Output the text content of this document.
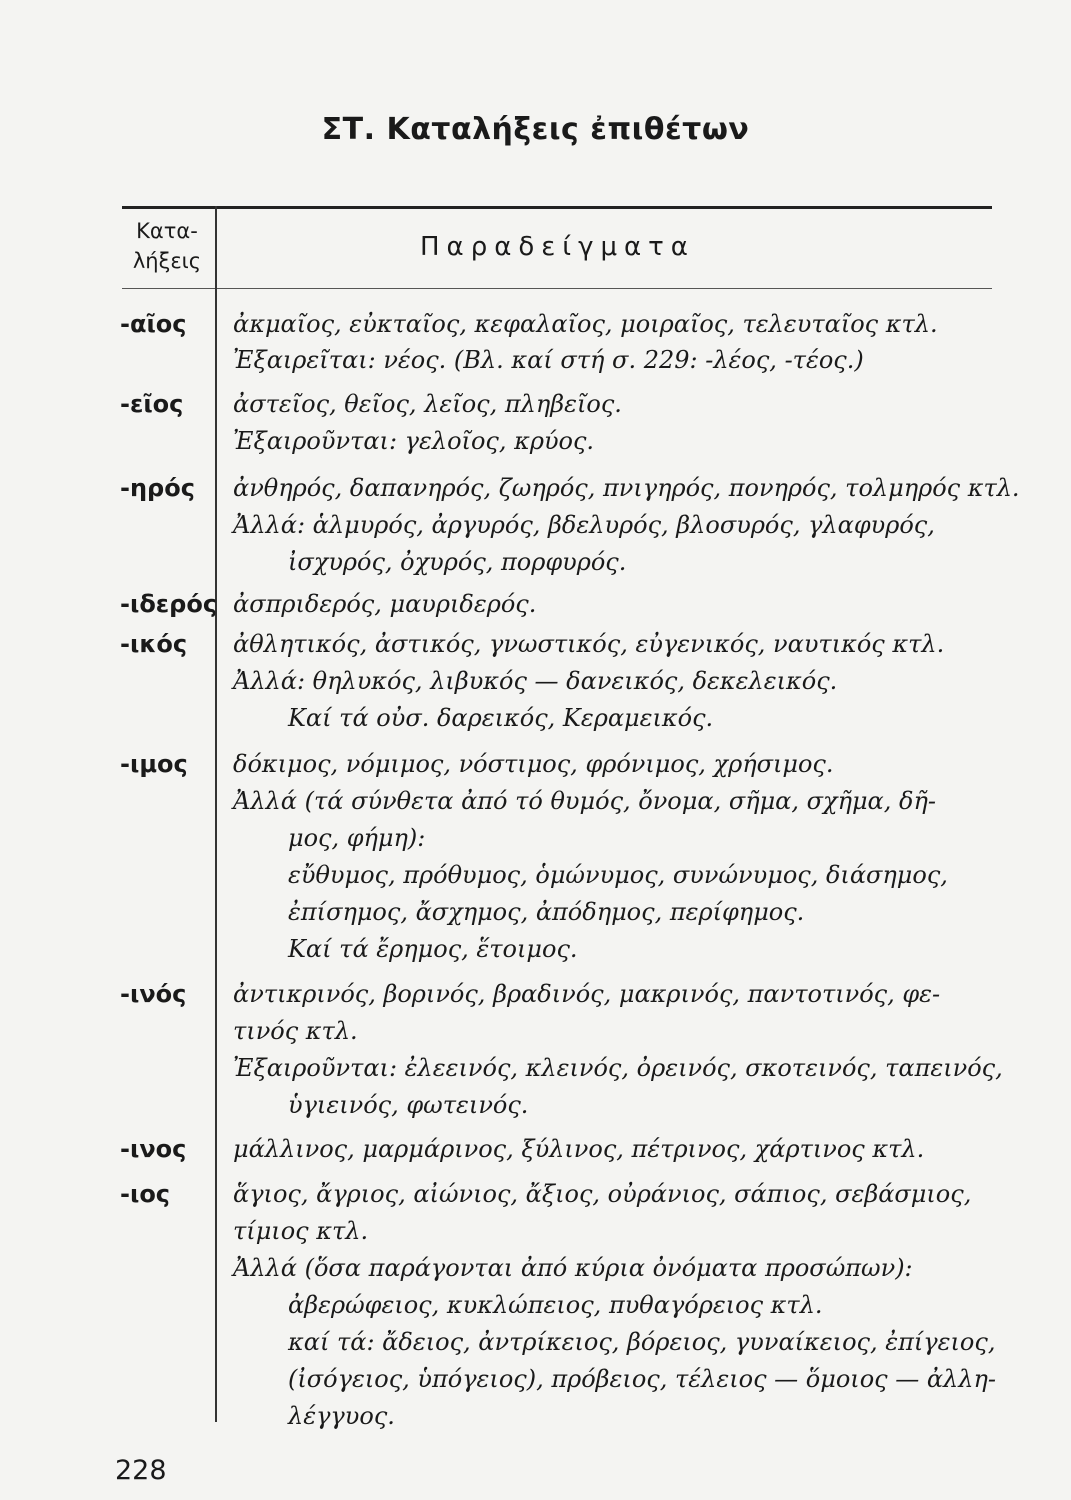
ΣΤ. Καταλήξεις ἐπιθέτων
Κατα-
λήξεις	Παραδείγματα
-αῖος ἀκμαῖος, εὐκταῖος, κεφαλαῖος, μοιραῖος, τελευταῖος κτλ.
Ἐξαιρεῖται: νέος. (Βλ. καί στή σ. 229: -λέος, -τέος.)
-εῖος ἀστεῖος, θεῖος, λεῖος, πληβεῖος.
Ἐξαιροῦνται: γελοῖος, κρύος.
-ηρός ἀνθηρός, δαπανηρός, ζωηρός, πνιγηρός, πονηρός, τολμηρός κτλ.
Ἀλλά: ἁλμυρός, ἀργυρός, βδελυρός, βλοσυρός, γλαφυρός,
ἰσχυρός, ὀχυρός, πορφυρός.
-ιδερός ἀσπριδερός, μαυριδερός.
-ικός ἀθλητικός, ἀστικός, γνωστικός, εὐγενικός, ναυτικός κτλ.
Ἀλλά: θηλυκός, λιβυκός — δανεικός, δεκελεικός.
Καί τά οὐσ. δαρεικός, Κεραμεικός.
-ιμος δόκιμος, νόμιμος, νόστιμος, φρόνιμος, χρήσιμος.
Ἀλλά (τά σύνθετα ἀπό τό θυμός, ὄνομα, σῆμα, σχῆμα, δῆ-
μος, φήμη):
εὔθυμος, πρόθυμος, ὁμώνυμος, συνώνυμος, διάσημος,
ἐπίσημος, ἄσχημος, ἀπόδημος, περίφημος.
Καί τά ἔρημος, ἕτοιμος.
-ινός ἀντικρινός, βορινός, βραδινός, μακρινός, παντοτινός, φε-
τινός κτλ.
Ἐξαιροῦνται: ἐλεεινός, κλεινός, ὀρεινός, σκοτεινός, ταπεινός,
ὑγιεινός, φωτεινός.
-ινος μάλλινος, μαρμάρινος, ξύλινος, πέτρινος, χάρτινος κτλ.
-ιος	ἅγιος, ἄγριος, αἰώνιος, ἄξιος, οὐράνιος, σάπιος, σεβάσμιος,
τίμιος κτλ.
Ἀλλά (ὅσα παράγονται ἀπό κύρια ὀνόματα προσώπων):
ἀβερώφειος, κυκλώπειος, πυθαγόρειος κτλ.
καί τά: ἄδειος, ἀντρίκειος, βόρειος, γυναίκειος, ἐπίγειος,
(ἰσόγειος, ὑπόγειος), πρόβειος, τέλειος — ὅμοιος — ἀλλη-
λέγγυος.
228
